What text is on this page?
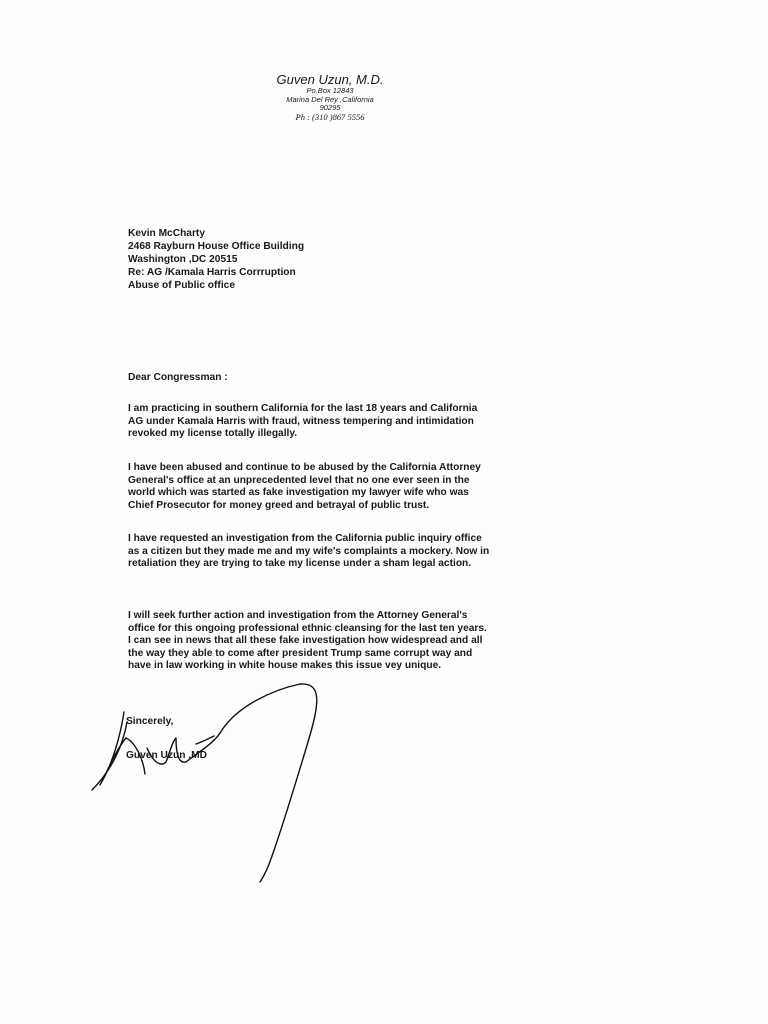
Guven Uzun, M.D.
Po.Box 12843
Marina Del Rey ,California
90295
Ph : (310 )867 5556
Kevin McCharty
2468 Rayburn House Office Building
Washington ,DC 20515
Re: AG /Kamala Harris Corrruption
Abuse of Public office
Dear Congressman :
I am practicing in southern California for the last 18 years and California
AG under Kamala Harris with fraud, witness tempering and intimidation
revoked my license totally illegally.
I have been abused and continue to be abused by the California Attorney
General's office at an unprecedented level that no one ever seen in the
world which was started as fake investigation my lawyer wife who was
Chief Prosecutor for money greed and betrayal of public trust.
I have requested an investigation from the California public inquiry office
as a citizen but they made me and my wife's complaints a mockery. Now in
retaliation they are trying to take my license under a sham legal action.
I will seek further action and investigation from the Attorney General's
office for this ongoing professional ethnic cleansing for the last ten years.
I can see in news that all these fake investigation how widespread and all
the way they able to come after president Trump same corrupt way and
have in law working in white house makes this issue vey unique.
Sincerely,
Guven Uzun ,MD
